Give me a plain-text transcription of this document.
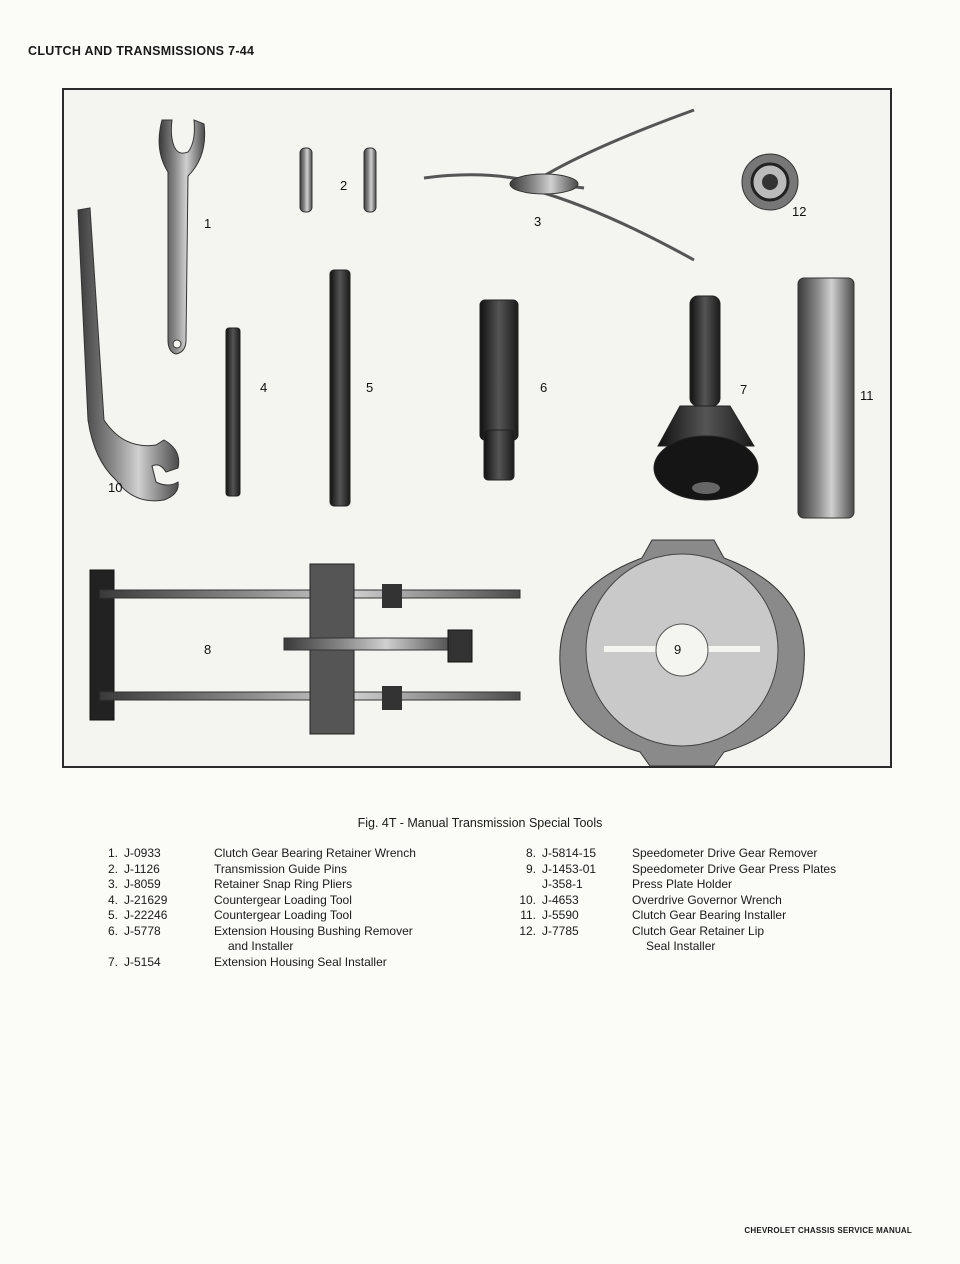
CLUTCH AND TRANSMISSIONS 7-44
1
2
3
4	5	6	7
8	9
10
11
12
Fig. 4T - Manual Transmission Special Tools
1. J-0933	Clutch Gear Bearing Retainer Wrench
2. J-1126	Transmission Guide Pins
3. J-8059	Retainer Snap Ring Pliers
4. J-21629	Countergear Loading Tool
5. J-22246	Countergear Loading Tool
6. J-5778	Extension Housing Bushing Remover
and Installer
7. J-5154	Extension Housing Seal Installer
8. J-5814-15	Speedometer Drive Gear Remover
9. J-1453-01	Speedometer Drive Gear Press Plates
J-358-1	Press Plate Holder
10. J-4653	Overdrive Governor Wrench
11. J-5590	Clutch Gear Bearing Installer
12. J-7785	Clutch Gear Retainer Lip
Seal Installer
CHEVROLET CHASSIS SERVICE MANUAL
